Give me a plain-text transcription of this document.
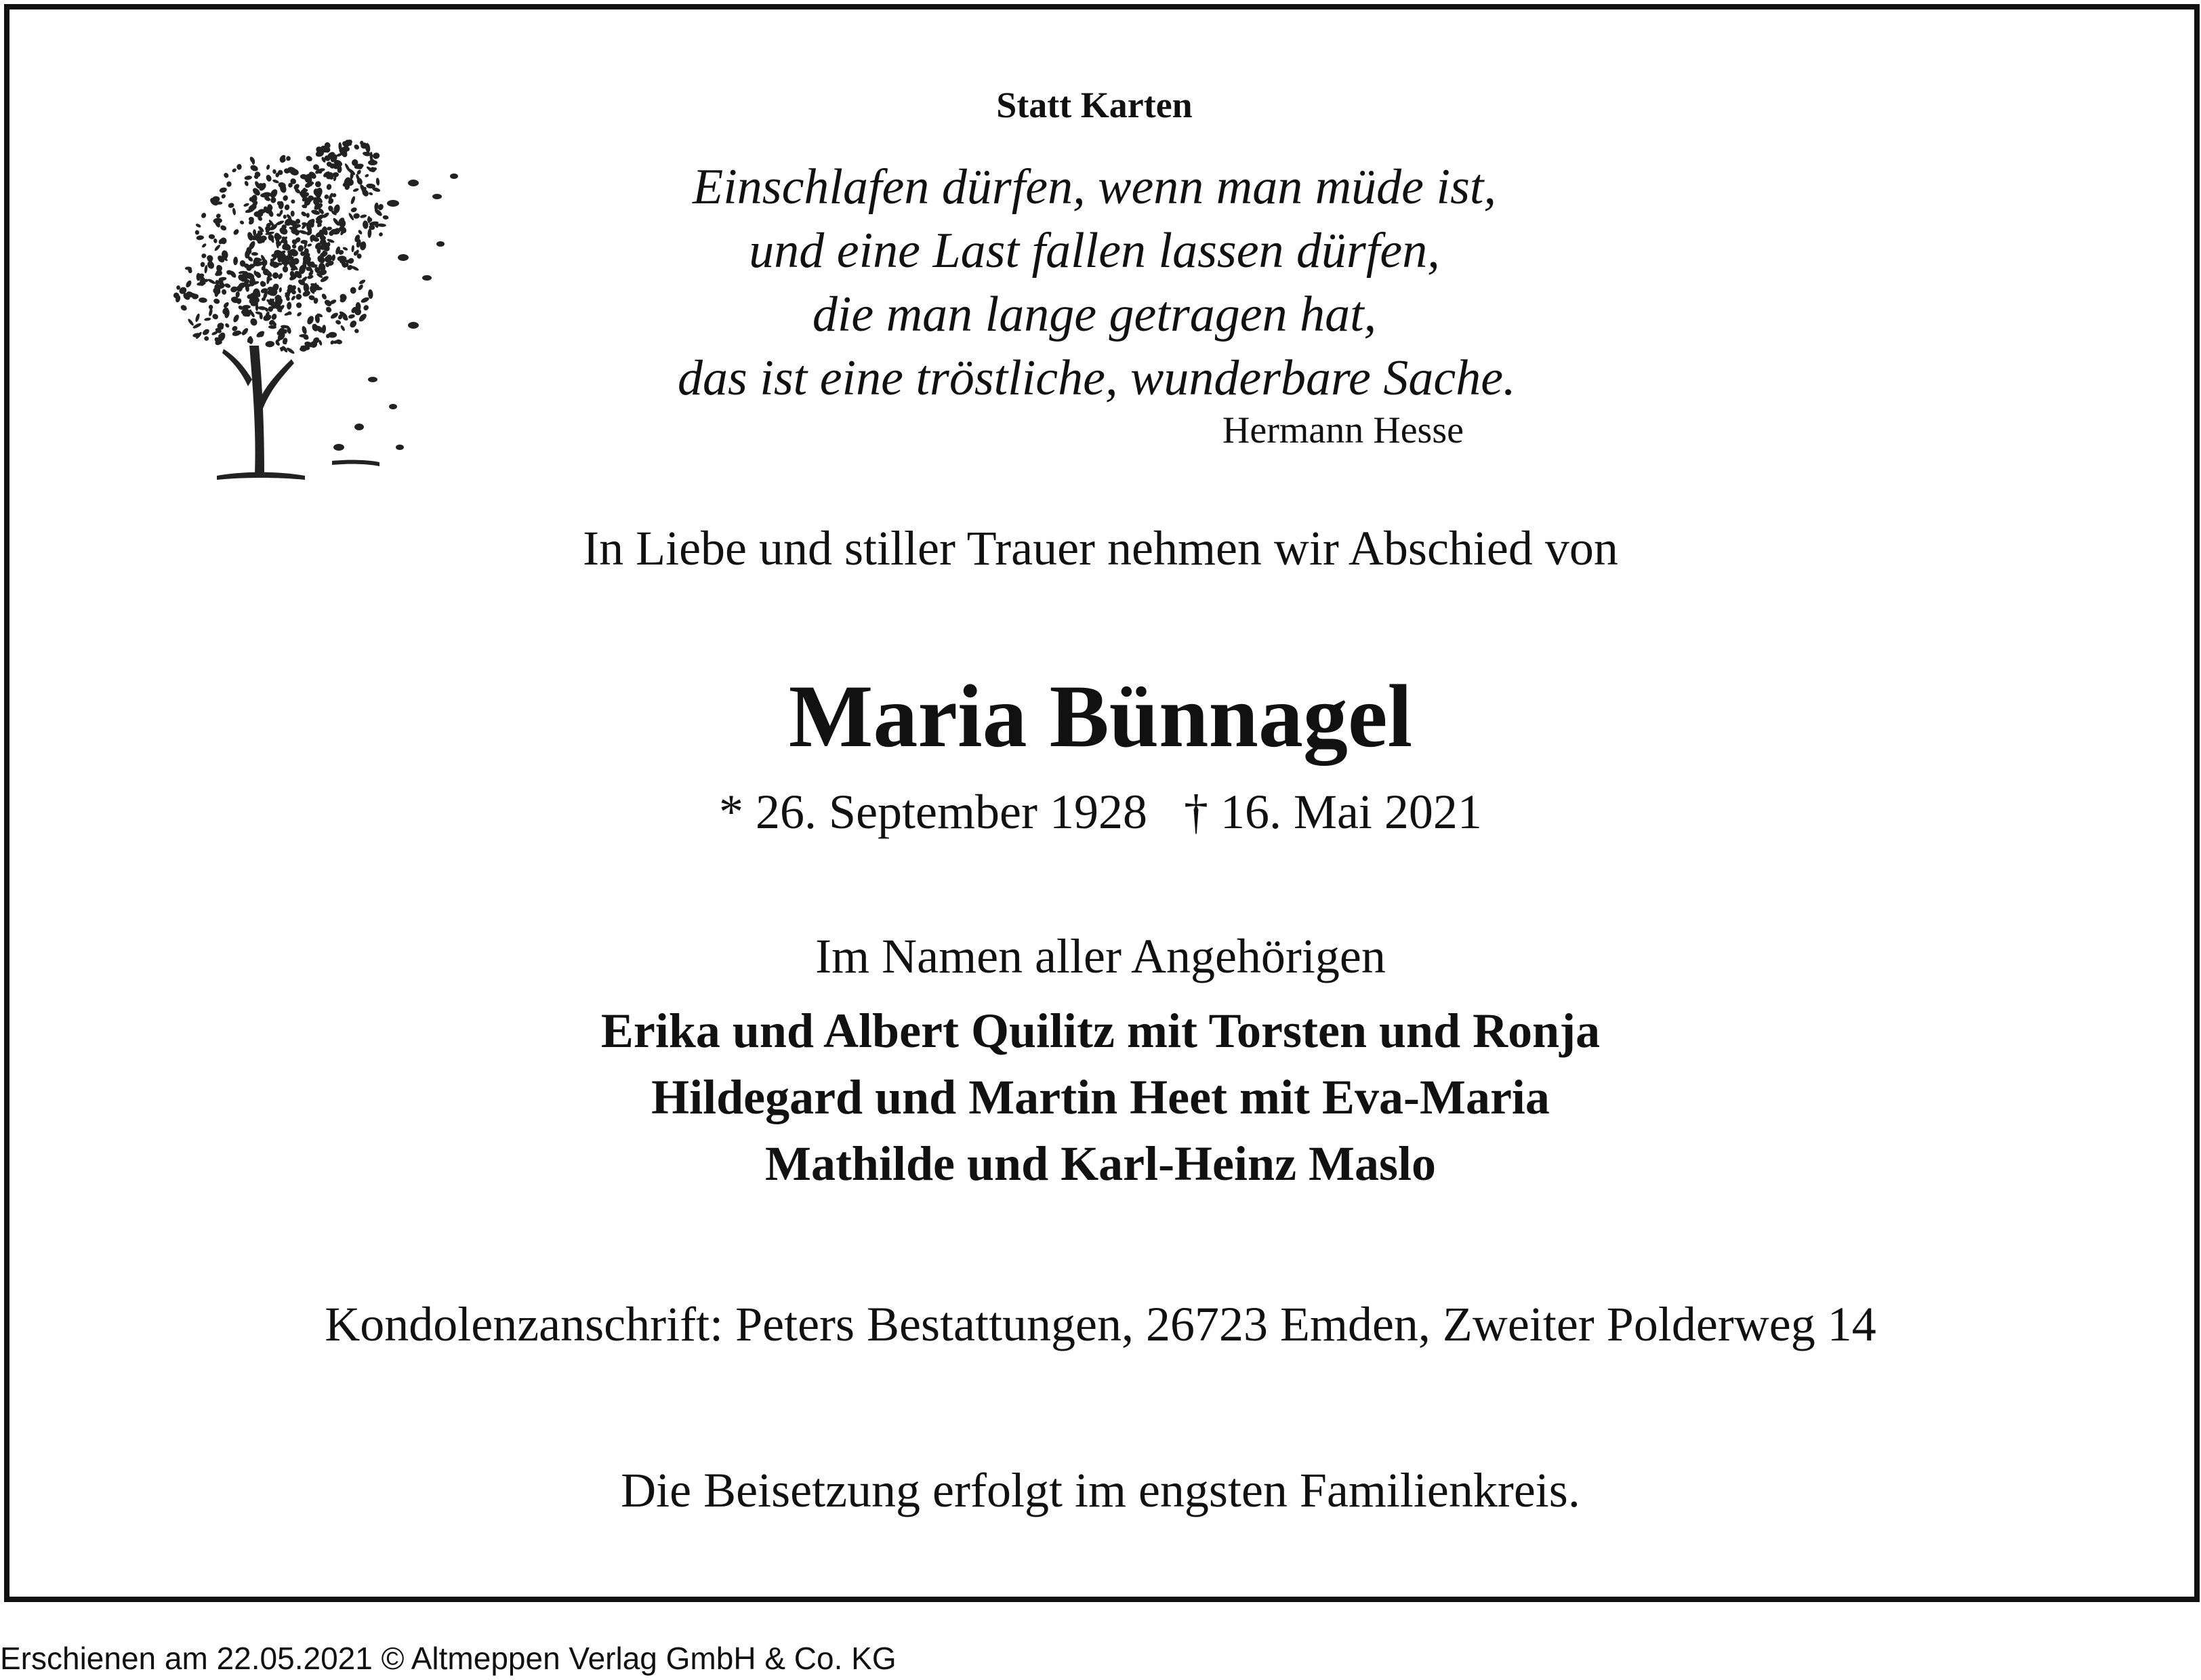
Statt Karten
Einschlafen dürfen, wenn man müde ist,
und eine Last fallen lassen dürfen,
die man lange getragen hat,
das ist eine tröstliche, wunderbare Sache.
Hermann Hesse
In Liebe und stiller Trauer nehmen wir Abschied von
Maria Bünnagel
* 26. September 1928   † 16. Mai 2021
Im Namen aller Angehörigen
Erika und Albert Quilitz mit Torsten und Ronja
Hildegard und Martin Heet mit Eva-Maria
Mathilde und Karl-Heinz Maslo
Kondolenzanschrift: Peters Bestattungen, 26723 Emden, Zweiter Polderweg 14
Die Beisetzung erfolgt im engsten Familienkreis.
Erschienen am 22.05.2021 © Altmeppen Verlag GmbH & Co. KG
